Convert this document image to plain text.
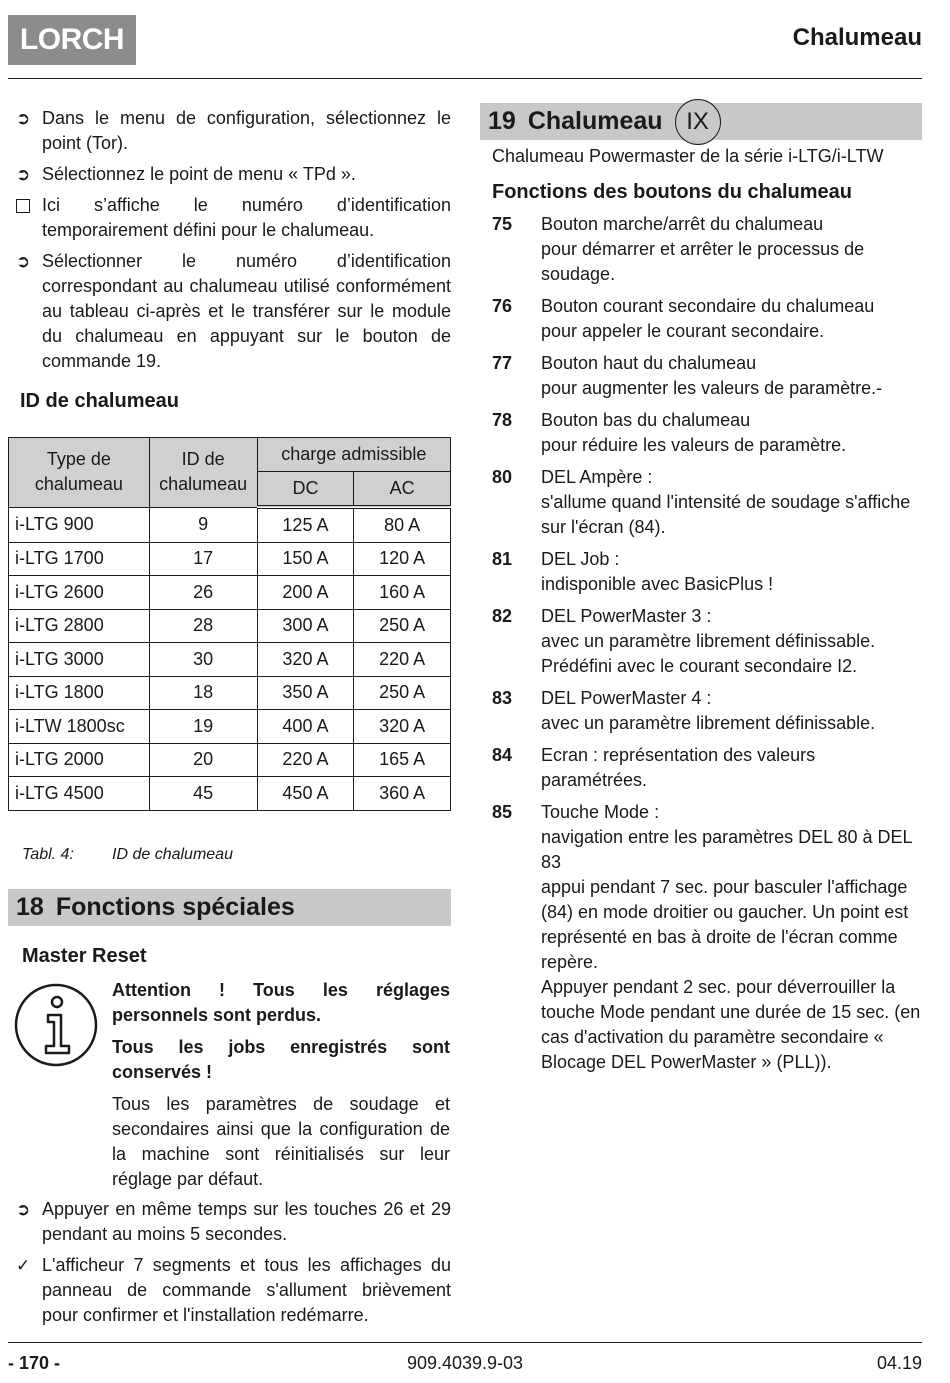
LORCH	Chalumeau
➲ Dans le menu de configuration, sélectionnez le point (Tor).
➲ Sélectionnez le point de menu « TPd ».
Ici s’affiche le numéro d’identification temporairement défini pour le chalumeau.
➲ Sélectionner le numéro d’identification correspondant au chalumeau utilisé conformément au tableau ci-après et le transférer sur le module du chalumeau en appuyant sur le bouton de commande 19.
ID de chalumeau
Type de chalumeau	ID de chalumeau	charge admissible	
		DC	AC
i-LTG 900	9	125 A	80 A
i-LTG 1700	17	150 A	120 A
i-LTG 2600	26	200 A	160 A
i-LTG 2800	28	300 A	250 A
i-LTG 3000	30	320 A	220 A
i-LTG 1800	18	350 A	250 A
i-LTW 1800sc	19	400 A	320 A
i-LTG 2000	20	220 A	165 A
i-LTG 4500	45	450 A	360 A
Tabl. 4: ID de chalumeau
18 Fonctions spéciales
Master Reset

Attention ! Tous les réglages personnels sont perdus.

Tous les jobs enregistrés sont conservés !

Tous les paramètres de soudage et secondaires ainsi que la configuration de la machine sont réinitialisés sur leur réglage par défaut.

➲ Appuyer en même temps sur les touches 26 et 29 pendant au moins 5 secondes.
✓ L'afficheur 7 segments et tous les affichages du panneau de commande s'allument brièvement pour confirmer et l'installation redémarre.
19 Chalumeau IX
Chalumeau Powermaster de la série i-LTG/i-LTW
Fonctions des boutons du chalumeau
75	Bouton marche/arrêt du chalumeau
pour démarrer et arrêter le processus de soudage.
76	Bouton courant secondaire du chalumeau
pour appeler le courant secondaire.
77	Bouton haut du chalumeau
pour augmenter les valeurs de paramètre.-
78	Bouton bas du chalumeau
pour réduire les valeurs de paramètre.
80	DEL Ampère :
s'allume quand l'intensité de soudage s'affiche sur l'écran (84).
81	DEL Job :
indisponible avec BasicPlus !
82	DEL PowerMaster 3 :
avec un paramètre librement définissable.
Prédéfini avec le courant secondaire I2.
83	DEL PowerMaster 4 :
avec un paramètre librement définissable.
84	Ecran : représentation des valeurs paramétrées.
85	Touche Mode :
navigation entre les paramètres DEL 80 à DEL 83
appui pendant 7 sec. pour basculer l'affichage (84) en mode droitier ou gaucher. Un point est représenté en bas à droite de l'écran comme repère.
Appuyer pendant 2 sec. pour déverrouiller la touche Mode pendant une durée de 15 sec. (en cas d'activation du paramètre secondaire « Blocage DEL PowerMaster » (PLL)).
- 170 -	909.4039.9-03	04.19
